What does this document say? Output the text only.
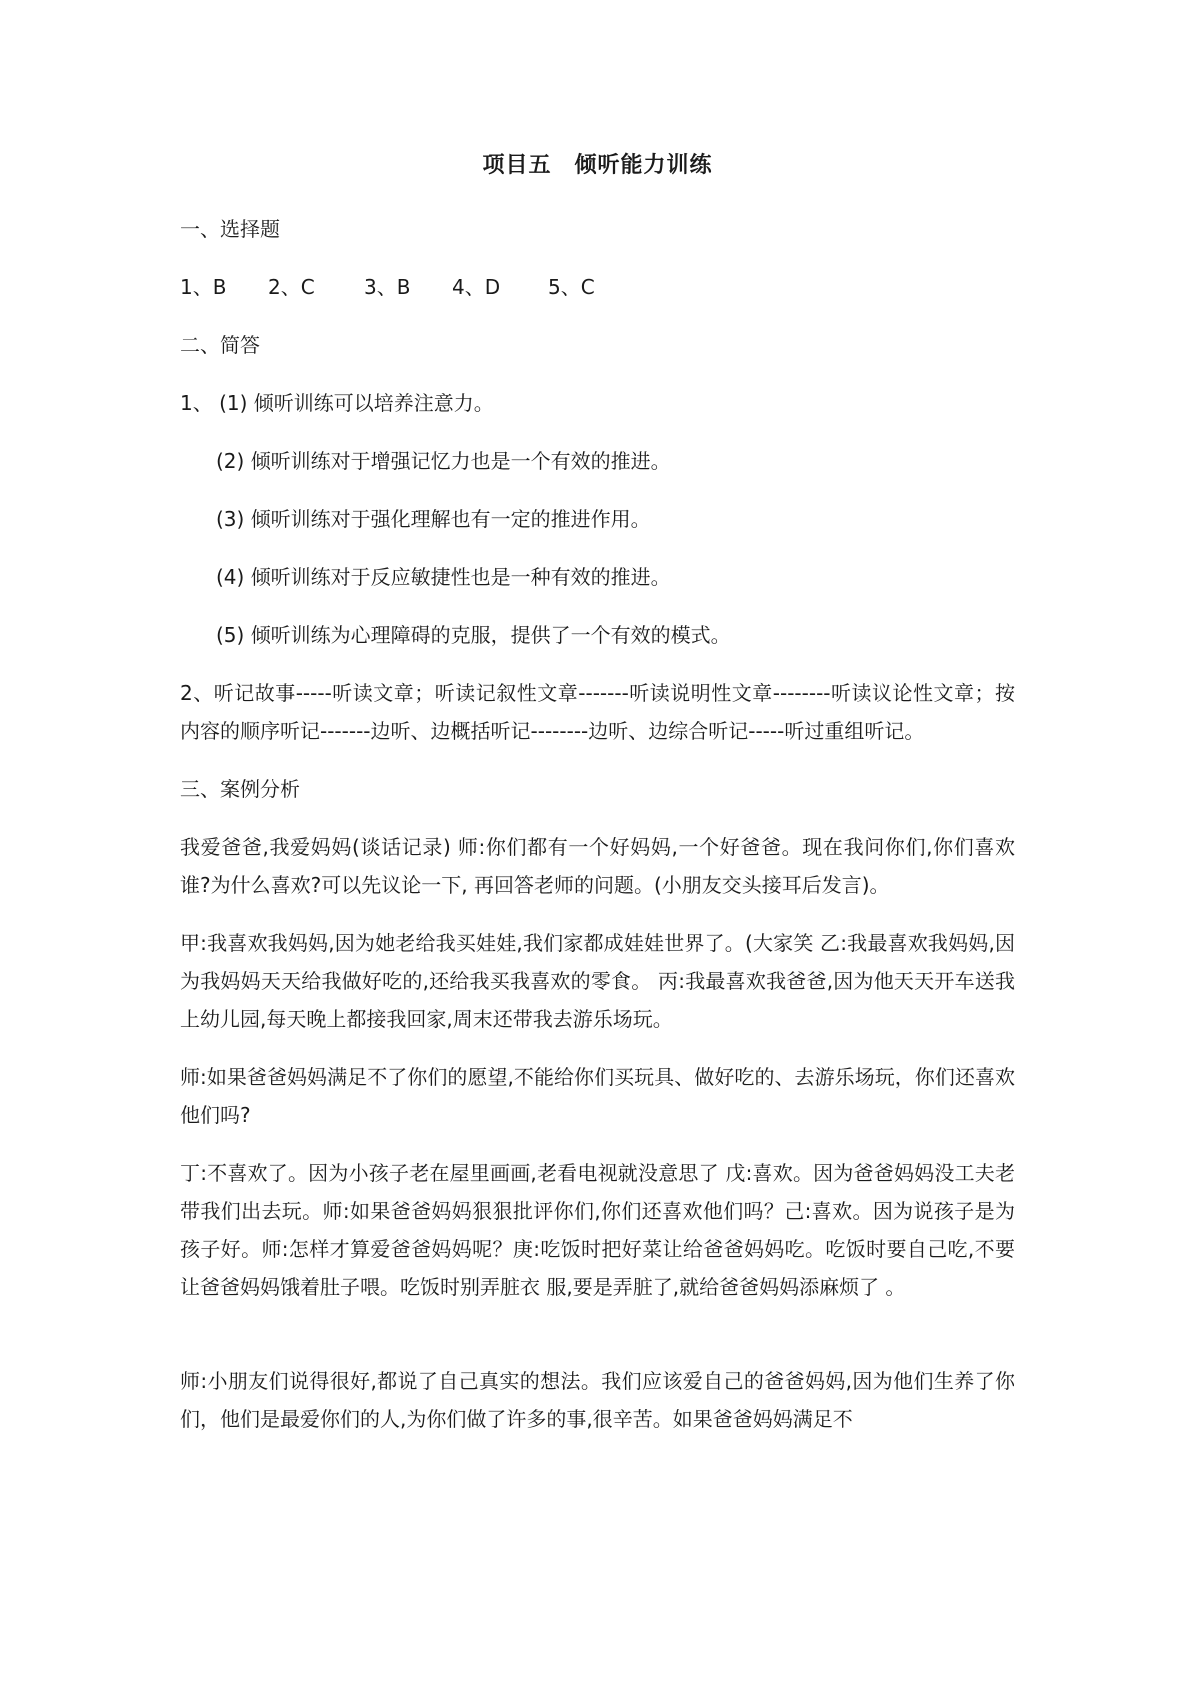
项目五　倾听能力训练
一、选择题
1、B	2、C	3、B	4、D	5、C
二、简答
1、 (1) 倾听训练可以培养注意力。
(2) 倾听训练对于增强记忆力也是一个有效的推进。
(3) 倾听训练对于强化理解也有一定的推进作用。
(4) 倾听训练对于反应敏捷性也是一种有效的推进。
(5) 倾听训练为心理障碍的克服，提供了一个有效的模式。
2、听记故事-----听读文章；听读记叙性文章-------听读说明性文章--------听读议论性文章；按内容的顺序听记-------边听、边概括听记--------边听、边综合听记-----听过重组听记。
三、案例分析
我爱爸爸,我爱妈妈(谈话记录) 师:你们都有一个好妈妈,一个好爸爸。现在我问你们,你们喜欢谁?为什么喜欢?可以先议论一下, 再回答老师的问题。(小朋友交头接耳后发言)。
甲:我喜欢我妈妈,因为她老给我买娃娃,我们家都成娃娃世界了。(大家笑 乙:我最喜欢我妈妈,因为我妈妈天天给我做好吃的,还给我买我喜欢的零食。 丙:我最喜欢我爸爸,因为他天天开车送我上幼儿园,每天晚上都接我回家,周末还带我去游乐场玩。
师:如果爸爸妈妈满足不了你们的愿望,不能给你们买玩具、做好吃的、去游乐场玩，你们还喜欢他们吗?
丁:不喜欢了。因为小孩子老在屋里画画,老看电视就没意思了 戊:喜欢。因为爸爸妈妈没工夫老带我们出去玩。师:如果爸爸妈妈狠狠批评你们,你们还喜欢他们吗？己:喜欢。因为说孩子是为孩子好。师:怎样才算爱爸爸妈妈呢？庚:吃饭时把好菜让给爸爸妈妈吃。吃饭时要自己吃,不要让爸爸妈妈饿着肚子喂。吃饭时别弄脏衣 服,要是弄脏了,就给爸爸妈妈添麻烦了 。
师:小朋友们说得很好,都说了自己真实的想法。我们应该爱自己的爸爸妈妈,因为他们生养了你们，他们是最爱你们的人,为你们做了许多的事,很辛苦。如果爸爸妈妈满足不
